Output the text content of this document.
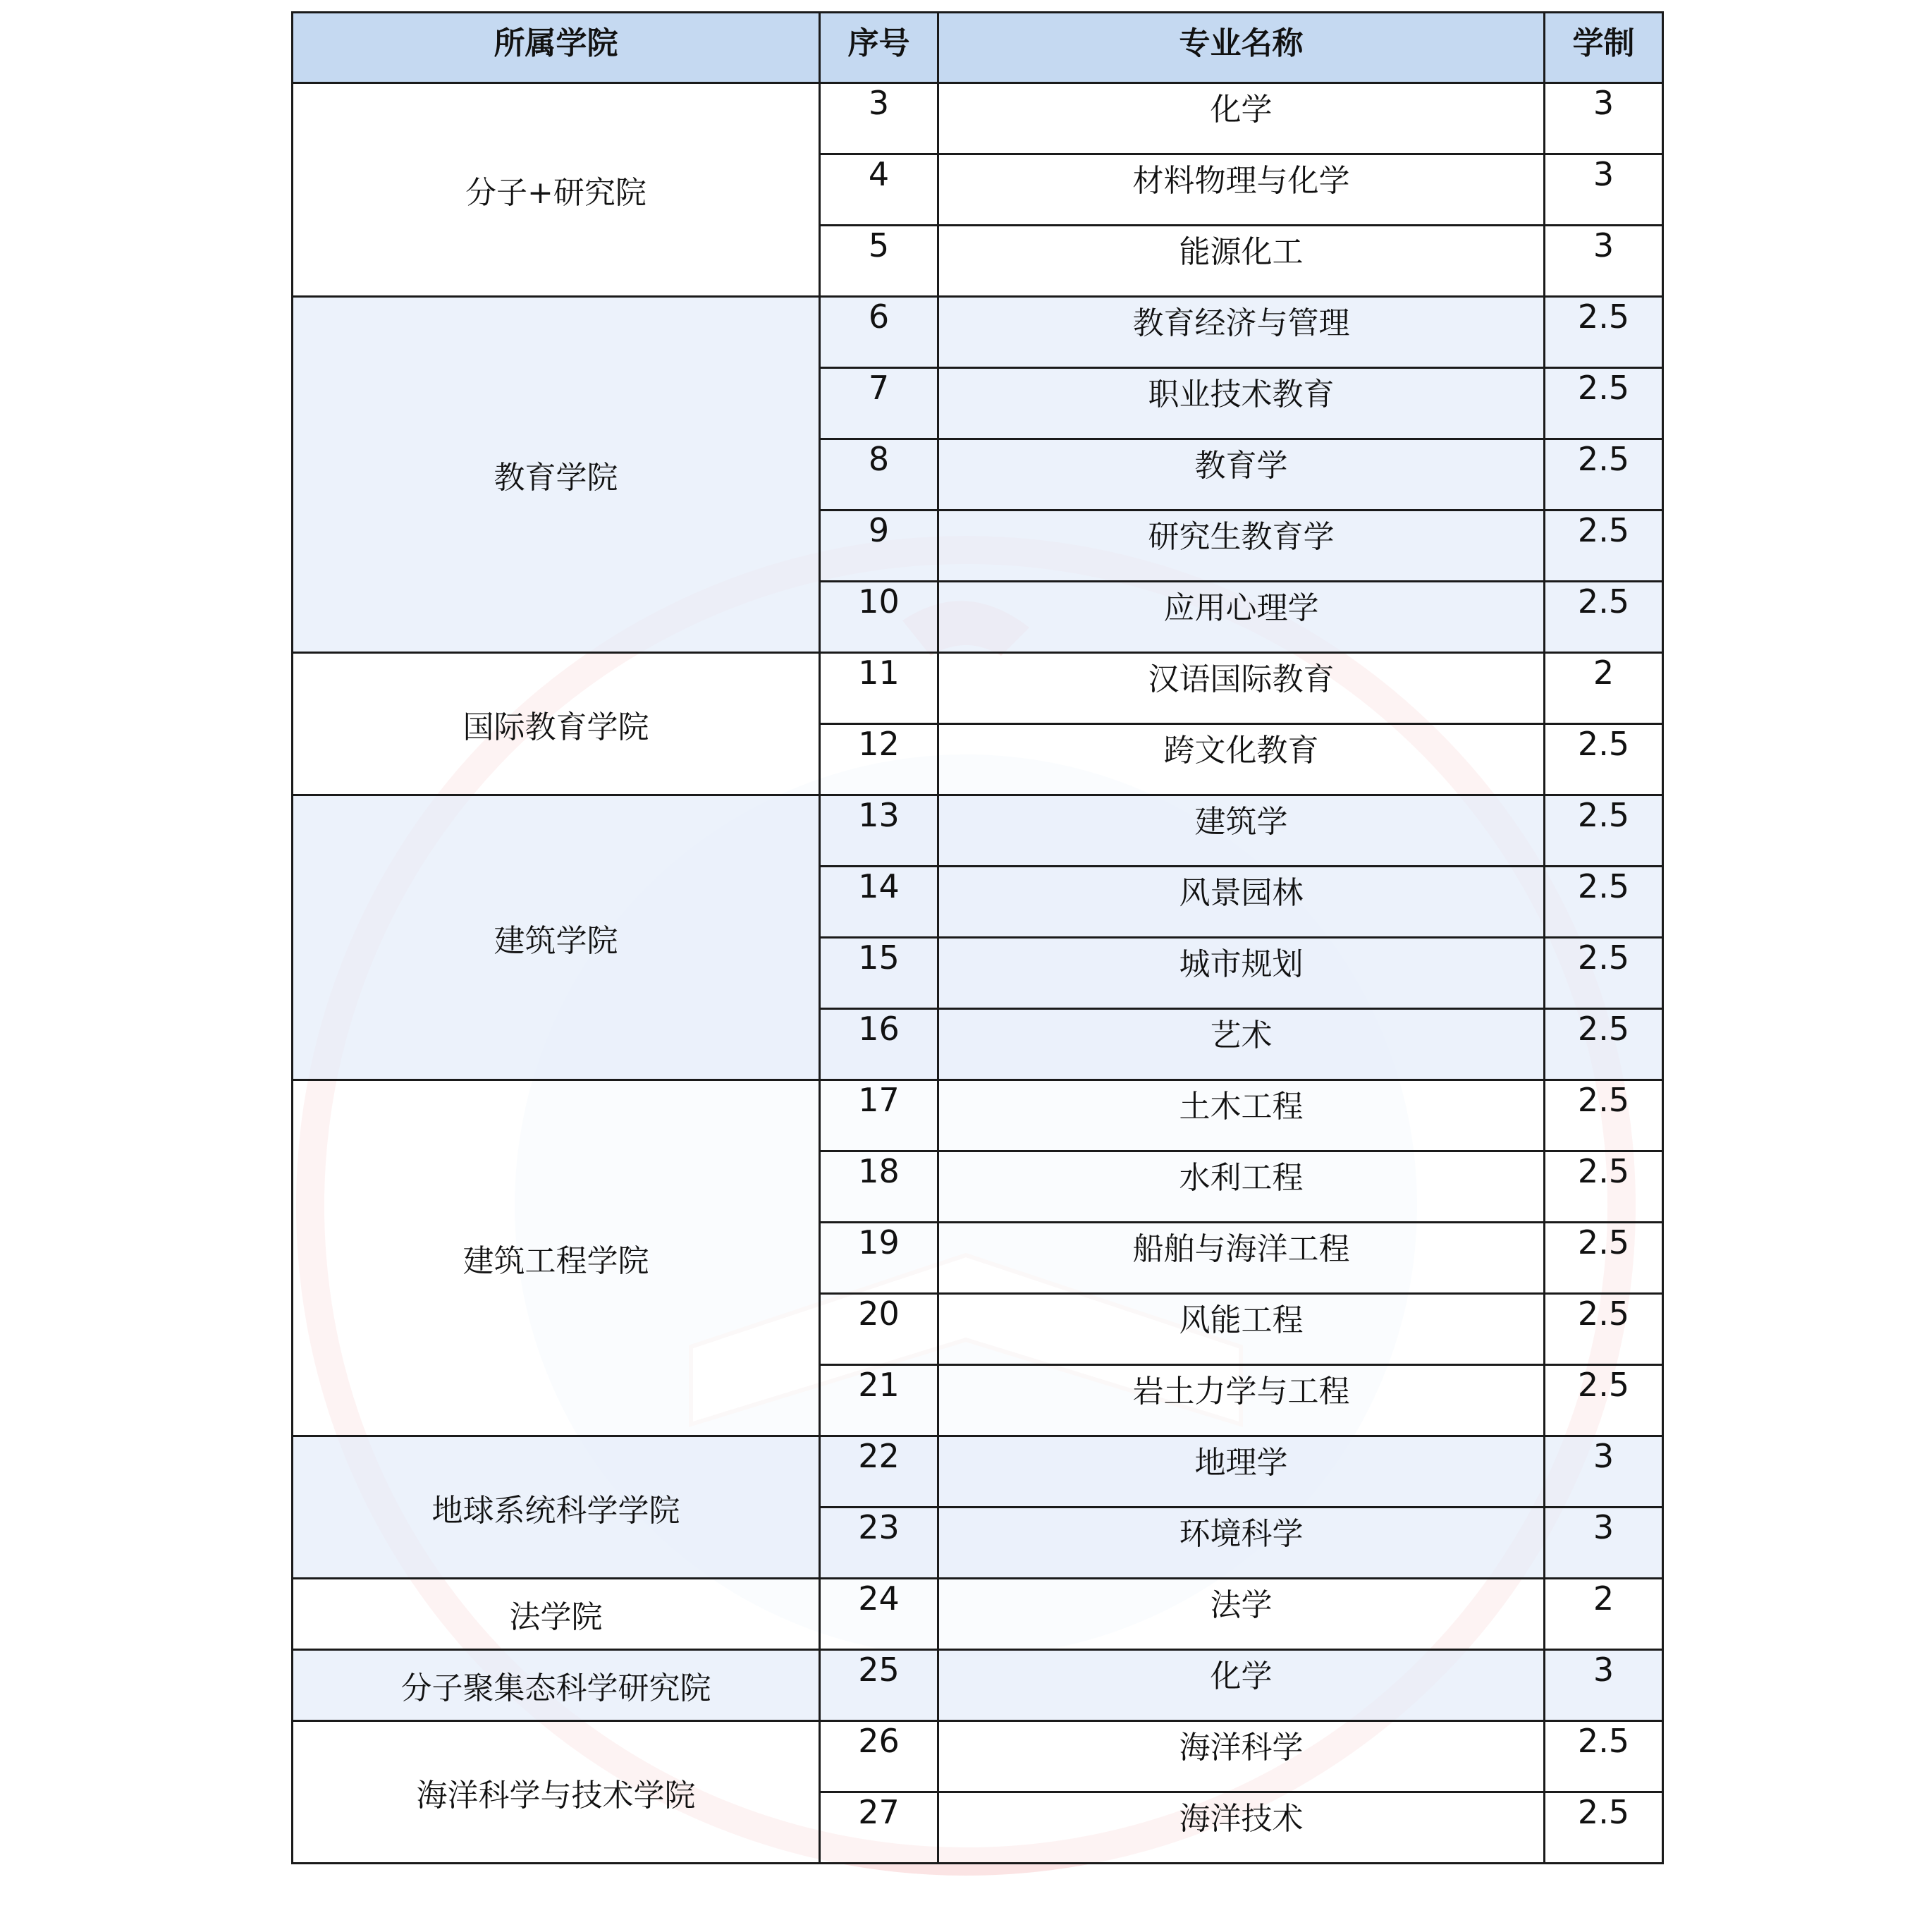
所属学院	序号	专业名称	学制
分子+研究院	3	化学	3
	4	材料物理与化学	3
	5	能源化工	3
教育学院	6	教育经济与管理	2.5
	7	职业技术教育	2.5
	8	教育学	2.5
	9	研究生教育学	2.5
	10	应用心理学	2.5
国际教育学院	11	汉语国际教育	2
	12	跨文化教育	2.5
建筑学院	13	建筑学	2.5
	14	风景园林	2.5
	15	城市规划	2.5
	16	艺术	2.5
建筑工程学院	17	土木工程	2.5
	18	水利工程	2.5
	19	船舶与海洋工程	2.5
	20	风能工程	2.5
	21	岩土力学与工程	2.5
地球系统科学学院	22	地理学	3
	23	环境科学	3
法学院	24	法学	2
分子聚集态科学研究院	25	化学	3
海洋科学与技术学院	26	海洋科学	2.5
	27	海洋技术	2.5
